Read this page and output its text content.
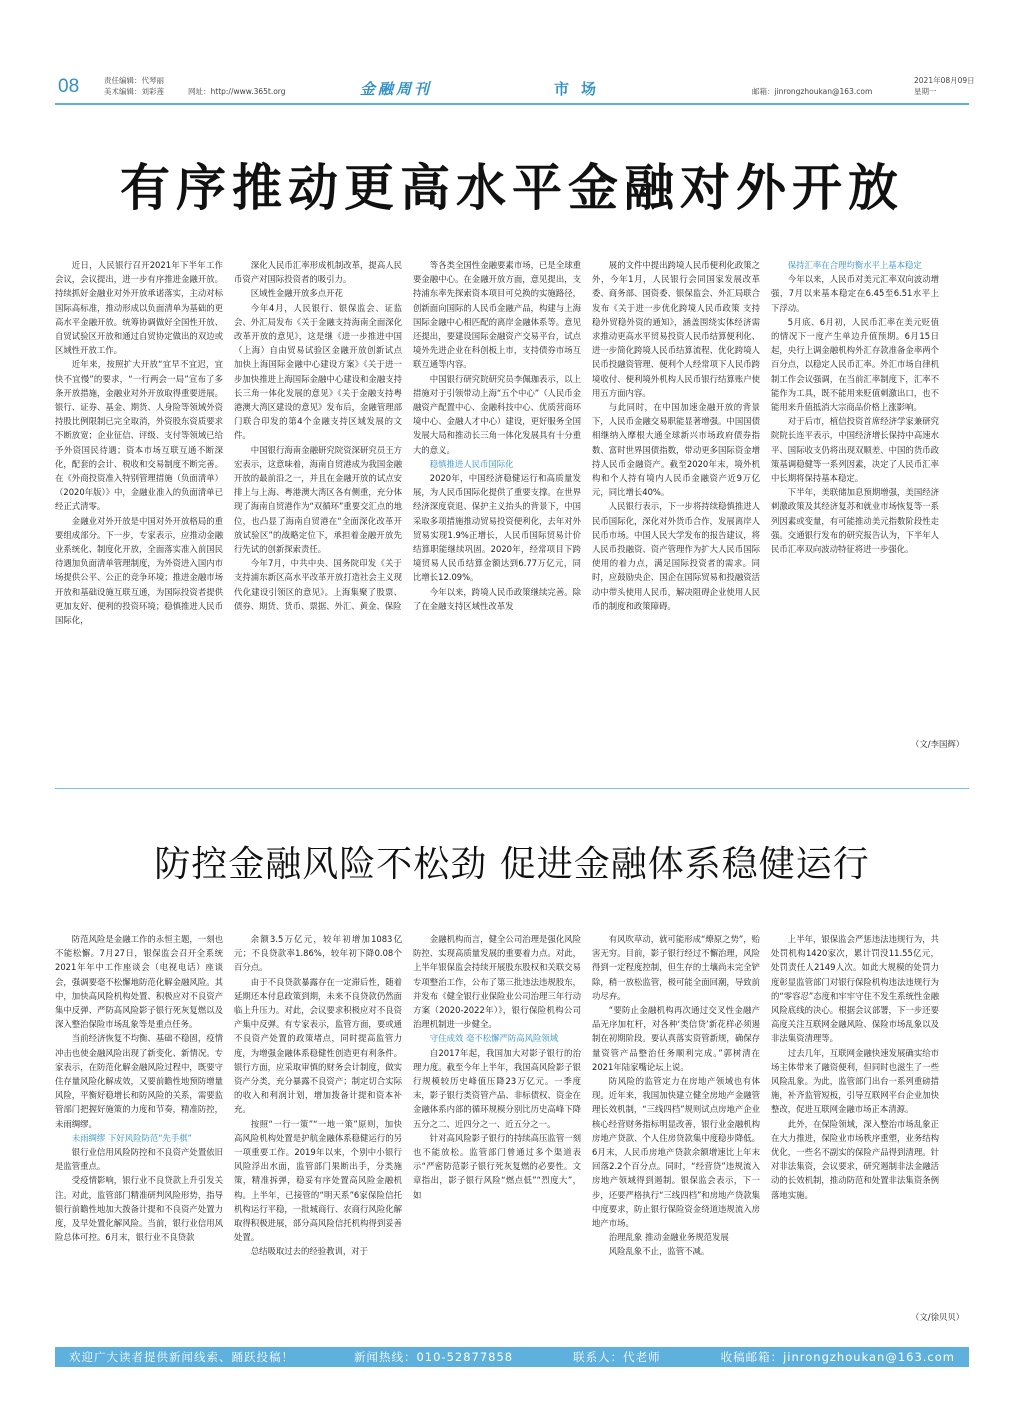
08	责任编辑：代琴丽
美术编辑：刘彩莲	网址：http://www.365t.org	金融周刊	市场	邮箱：jinrongzhoukan@163.com
2021年08月09日
星期一
有序推动更高水平金融对外开放

近日，人民银行召开2021年下半年工作会议，会议提出，进一步有序推进金融开放。持续抓好金融业对外开放承诺落实，主动对标国际高标准，推动形成以负面清单为基础的更高水平金融开放。统筹协调做好全国性开放、自贸试验区开放和通过自贸协定做出的双边或区域性开放工作。

近年来，按照扩大开放“宜早不宜迟，宜快不宜慢”的要求，“一行两会一局”宣布了多条开放措施，金融业对外开放取得重要进展。银行、证券、基金、期货、人身险等领域外资持股比例限制已完全取消，外资股东资质要求不断放宽；企业征信、评级、支付等领域已给予外资国民待遇；资本市场互联互通不断深化，配套的会计、税收和交易制度不断完善。在《外商投资准入特别管理措施（负面清单）（2020年版）》中，金融业准入的负面清单已经正式清零。

金融业对外开放是中国对外开放格局的重要组成部分。下一步，专家表示，应推动金融业系统化、制度化开放，全面落实准入前国民待遇加负面清单管理制度，为外资进入国内市场提供公平、公正的竞争环境；推进金融市场开放和基础设施互联互通，为国际投资者提供更加友好、便利的投资环境；稳慎推进人民币国际化，

深化人民币汇率形成机制改革，提高人民币资产对国际投资者的吸引力。

区域性金融开放多点开花

今年4月，人民银行、银保监会、证监会、外汇局发布《关于金融支持海南全面深化改革开放的意见》，这是继《进一步推进中国（上海）自由贸易试验区金融开放创新试点 加快上海国际金融中心建设方案》《关于进一步加快推进上海国际金融中心建设和金融支持长三角一体化发展的意见》《关于金融支持粤港澳大湾区建设的意见》发布后，金融管理部门联合印发的第4个金融支持区域发展的文件。

中国银行海南金融研究院资深研究员王方宏表示，这意味着，海南自贸港成为我国金融开放的最前沿之一，并且在金融开放的试点安排上与上海、粤港澳大湾区各有侧重，充分体现了海南自贸港作为“双循环”重要交汇点的地位，也凸显了海南自贸港在“全面深化改革开放试验区”的战略定位下，承担着金融开放先行先试的创新探索责任。

今年7月，中共中央、国务院印发《关于支持浦东新区高水平改革开放打造社会主义现代化建设引领区的意见》。上海集聚了股票、债券、期货、货币、票据、外汇、黄金、保险

等各类全国性金融要素市场，已是全球重要金融中心。在金融开放方面，意见提出，支持浦东率先探索资本项目可兑换的实施路径，创新面向国际的人民币金融产品，构建与上海国际金融中心相匹配的离岸金融体系等。意见还提出，要建设国际金融资产交易平台，试点境外先进企业在科创板上市，支持债券市场互联互通等内容。

中国银行研究院研究员李佩珈表示，以上措施对于引领带动上海“五个中心”（人民币金融资产配置中心、金融科技中心、优质营商环境中心、金融人才中心）建设，更好服务全国发展大局和推动长三角一体化发展具有十分重大的意义。

稳慎推进人民币国际化

2020年，中国经济稳健运行和高质量发展，为人民币国际化提供了重要支撑。在世界经济深度衰退、保护主义抬头的背景下，中国采取多项措施推动贸易投资便利化，去年对外贸易实现1.9%正增长，人民币国际贸易计价结算职能继续巩固。2020年，经常项目下跨境贸易人民币结算金额达到6.77万亿元，同比增长12.09%。

今年以来，跨境人民币政策继续完善。除了在金融支持区域性改革发

展的文件中提出跨境人民币便利化政策之外，今年1月，人民银行会同国家发展改革委、商务部、国资委、银保监会、外汇局联合发布《关于进一步优化跨境人民币政策 支持稳外贸稳外资的通知》，涵盖围绕实体经济需求推动更高水平贸易投资人民币结算便利化、进一步简化跨境人民币结算流程、优化跨境人民币投融资管理、便利个人经常项下人民币跨境收付、便利境外机构人民币银行结算账户使用五方面内容。

与此同时，在中国加速金融开放的背景下，人民币金融交易职能显著增强。中国国债相继纳入摩根大通全球新兴市场政府债券指数、富时世界国债指数，带动更多国际资金增持人民币金融资产。截至2020年末，境外机构和个人持有境内人民币金融资产近9万亿元，同比增长40%。

人民银行表示，下一步将持续稳慎推进人民币国际化，深化对外货币合作，发展离岸人民币市场。中国人民大学发布的报告建议，将人民币投融资、资产管理作为扩大人民币国际使用的着力点，满足国际投资者的需求。同时，应鼓励央企、国企在国际贸易和投融资活动中带头使用人民币，解决阻碍企业使用人民币的制度和政策障碍。

保持汇率在合理均衡水平上基本稳定

今年以来，人民币对美元汇率双向波动增强，7月以来基本稳定在6.45至6.51水平上下浮动。

5月底、6月初，人民币汇率在美元贬值的情况下一度产生单边升值预期。6月15日起，央行上调金融机构外汇存款准备金率两个百分点，以稳定人民币汇率。外汇市场自律机制工作会议强调，在当前汇率制度下，汇率不能作为工具，既不能用来贬值刺激出口，也不能用来升值抵消大宗商品价格上涨影响。

对于后市，植信投资首席经济学家兼研究院院长连平表示，中国经济增长保持中高速水平、国际收支仍将出现双顺差、中国的货币政策基调稳健等一系列因素，决定了人民币汇率中长期将保持基本稳定。

下半年，美联储加息预期增强，美国经济刺激政策及其经济复苏和就业市场恢复等一系列因素或变量，有可能推动美元指数阶段性走强。交通银行发布的研究报告认为，下半年人民币汇率双向波动特征将进一步强化。

（文/李国辉）
防控金融风险不松劲 促进金融体系稳健运行

防范风险是金融工作的永恒主题，一刻也不能松懈。7月27日，银保监会召开全系统2021年年中工作座谈会（电视电话）座谈会，强调要毫不松懈地防范化解金融风险。其中，加快高风险机构处置、积极应对不良资产集中反弹、严防高风险影子银行死灰复燃以及深入整治保险市场乱象等是重点任务。

当前经济恢复不均衡、基础不稳固，疫情冲击也使金融风险出现了新变化、新情况。专家表示，在防范化解金融风险过程中，既要守住存量风险化解成效，又要前瞻性地预防增量风险，平衡好稳增长和防风险的关系，需要监管部门把握好施策的力度和节奏，精准防控，未雨绸缪。

未雨绸缪 下好风险防范“先手棋”

银行业信用风险防控和不良资产处置依旧是监管重点。

受疫情影响，银行业不良贷款上升引发关注。对此，监管部门精准研判风险形势，指导银行前瞻性地加大拨备计提和不良资产处置力度，及早处置化解风险。当前，银行业信用风险总体可控。6月末，银行业不良贷款

余额3.5万亿元，较年初增加1083亿元；不良贷款率1.86%，较年初下降0.08个百分点。

由于不良贷款暴露存在一定滞后性，随着延期还本付息政策到期，未来不良贷款仍然面临上升压力。对此，会议要求积极应对不良资产集中反弹。有专家表示，监管方面，要或通不良资产处置的政策堵点，同时提高监管力度，为增强金融体系稳健性创造更有利条件。银行方面，应采取审慎的财务会计制度，做实资产分类，充分暴露不良资产；制定切合实际的收入和利润计划，增加拨备计提和资本补充。

按照“一行一策”“一地一策”原则，加快高风险机构处置是护航金融体系稳健运行的另一项重要工作。2019年以来，个别中小银行风险浮出水面，监管部门果断出手，分类施策，精准拆弹，稳妥有序处置高风险金融机构。上半年，已接管的“明天系”6家保险信托机构运行平稳，一批城商行、农商行风险化解取得积极进展，部分高风险信托机构得到妥善处置。

总结吸取过去的经验教训，对于

金融机构而言，健全公司治理是强化风险防控、实现高质量发展的重要着力点。对此，上半年银保监会持续开展股东股权和关联交易专项整治工作，公布了第三批违法违规股东，并发布《健全银行业保险业公司治理三年行动方案（2020-2022年）》，银行保险机构公司治理机制进一步健全。

守住成效 毫不松懈严防高风险领域

自2017年起，我国加大对影子银行的治理力度。截至今年上半年，我国高风险影子银行规模较历史峰值压降23万亿元。一季度末，影子银行类资管产品、非标债权、资金在金融体系内部的循环规模分别比历史高峰下降五分之二、近四分之一、近五分之一。

针对高风险影子银行的持续高压监管一刻也不能放松。监管部门曾通过多个渠道表示“严密防范影子银行死灰复燃的必要性。文章指出，影子银行风险“燃点低”“烈度大”，如

有风吹草动，就可能形成“燎原之势”，贻害无穷。目前，影子银行经过不懈治理，风险得到一定程度控制，但生存的土壤尚未完全铲除，稍一放松监管，极可能全面回潮，导致前功尽弃。

“要防止金融机构再次通过交叉性金融产品无序加杠杆，对各种‘类信贷’新花样必须遏制在初期阶段。要认真落实资管新规，确保存量资管产品整治任务顺利完成。”郭树清在2021年陆家嘴论坛上说。

防风险的监管定力在房地产领域也有体现。近年来，我国加快建立健全房地产金融管理长效机制，“三线四档”规则试点房地产企业核心经营财务指标明显改善，银行业金融机构房地产贷款、个人住房贷款集中度稳步降低。6月末，人民币房地产贷款余额增速比上年末回落2.2个百分点。同时，“经营贷”违规流入房地产领域得到遏制。银保监会表示，下一步，还要严格执行“三线四档”和房地产贷款集中度要求，防止银行保险资金绕道违规流入房地产市场。

治理乱象 推动金融业务规范发展

风险乱象不止，监管不减。

上半年，银保监会严惩违法违规行为，共处罚机构1420家次，累计罚没11.55亿元，处罚责任人2149人次。如此大规模的处罚力度彰显监管部门对银行保险机构违法违规行为的“零容忍”态度和牢牢守住不发生系统性金融风险底线的决心。根据会议部署，下一步还要高度关注互联网金融风险、保险市场乱象以及非法集资清理等。

过去几年，互联网金融快速发展确实给市场主体带来了融资便利，但同时也滋生了一些风险乱象。为此，监管部门出台一系列重磅措施，补齐监管短板，引导互联网平台企业加快整改，促进互联网金融市场正本清源。

此外，在保险领域，深入整治市场乱象正在大力推进，保险业市场秩序重塑，业务结构优化，一些名不副实的保险产品得到清理。针对非法集资，会议要求，研究遏制非法金融活动的长效机制，推动防范和处置非法集资条例落地实施。

（文/徐贝贝）
欢迎广大读者提供新闻线索、踊跃投稿！	新闻热线：010-52877858	联系人：代老师	收稿邮箱：jinrongzhoukan@163.com
